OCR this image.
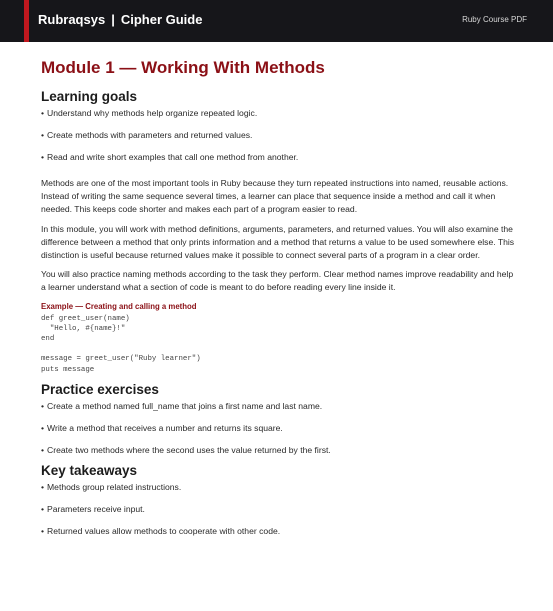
Rubraqsys | Cipher Guide	Ruby Course PDF
Module 1 — Working With Methods
Learning goals
• Understand why methods help organize repeated logic.
• Create methods with parameters and returned values.
• Read and write short examples that call one method from another.

Methods are one of the most important tools in Ruby because they turn repeated instructions into named, reusable actions. Instead of writing the same sequence several times, a learner can place that sequence inside a method and call it when needed. This keeps code shorter and makes each part of a program easier to read.

In this module, you will work with method definitions, arguments, parameters, and returned values. You will also examine the difference between a method that only prints information and a method that returns a value to be used somewhere else. This distinction is useful because returned values make it possible to connect several parts of a program in a clear order.

You will also practice naming methods according to the task they perform. Clear method names improve readability and help a learner understand what a section of code is meant to do before reading every line inside it.

Example — Creating and calling a method
def greet_user(name)
"Hello, #{name}!"
end

message = greet_user("Ruby learner")
puts message
Practice exercises
• Create a method named full_name that joins a first name and last name.
• Write a method that receives a number and returns its square.
• Create two methods where the second uses the value returned by the first.
Key takeaways
• Methods group related instructions.
• Parameters receive input.
• Returned values allow methods to cooperate with other code.
